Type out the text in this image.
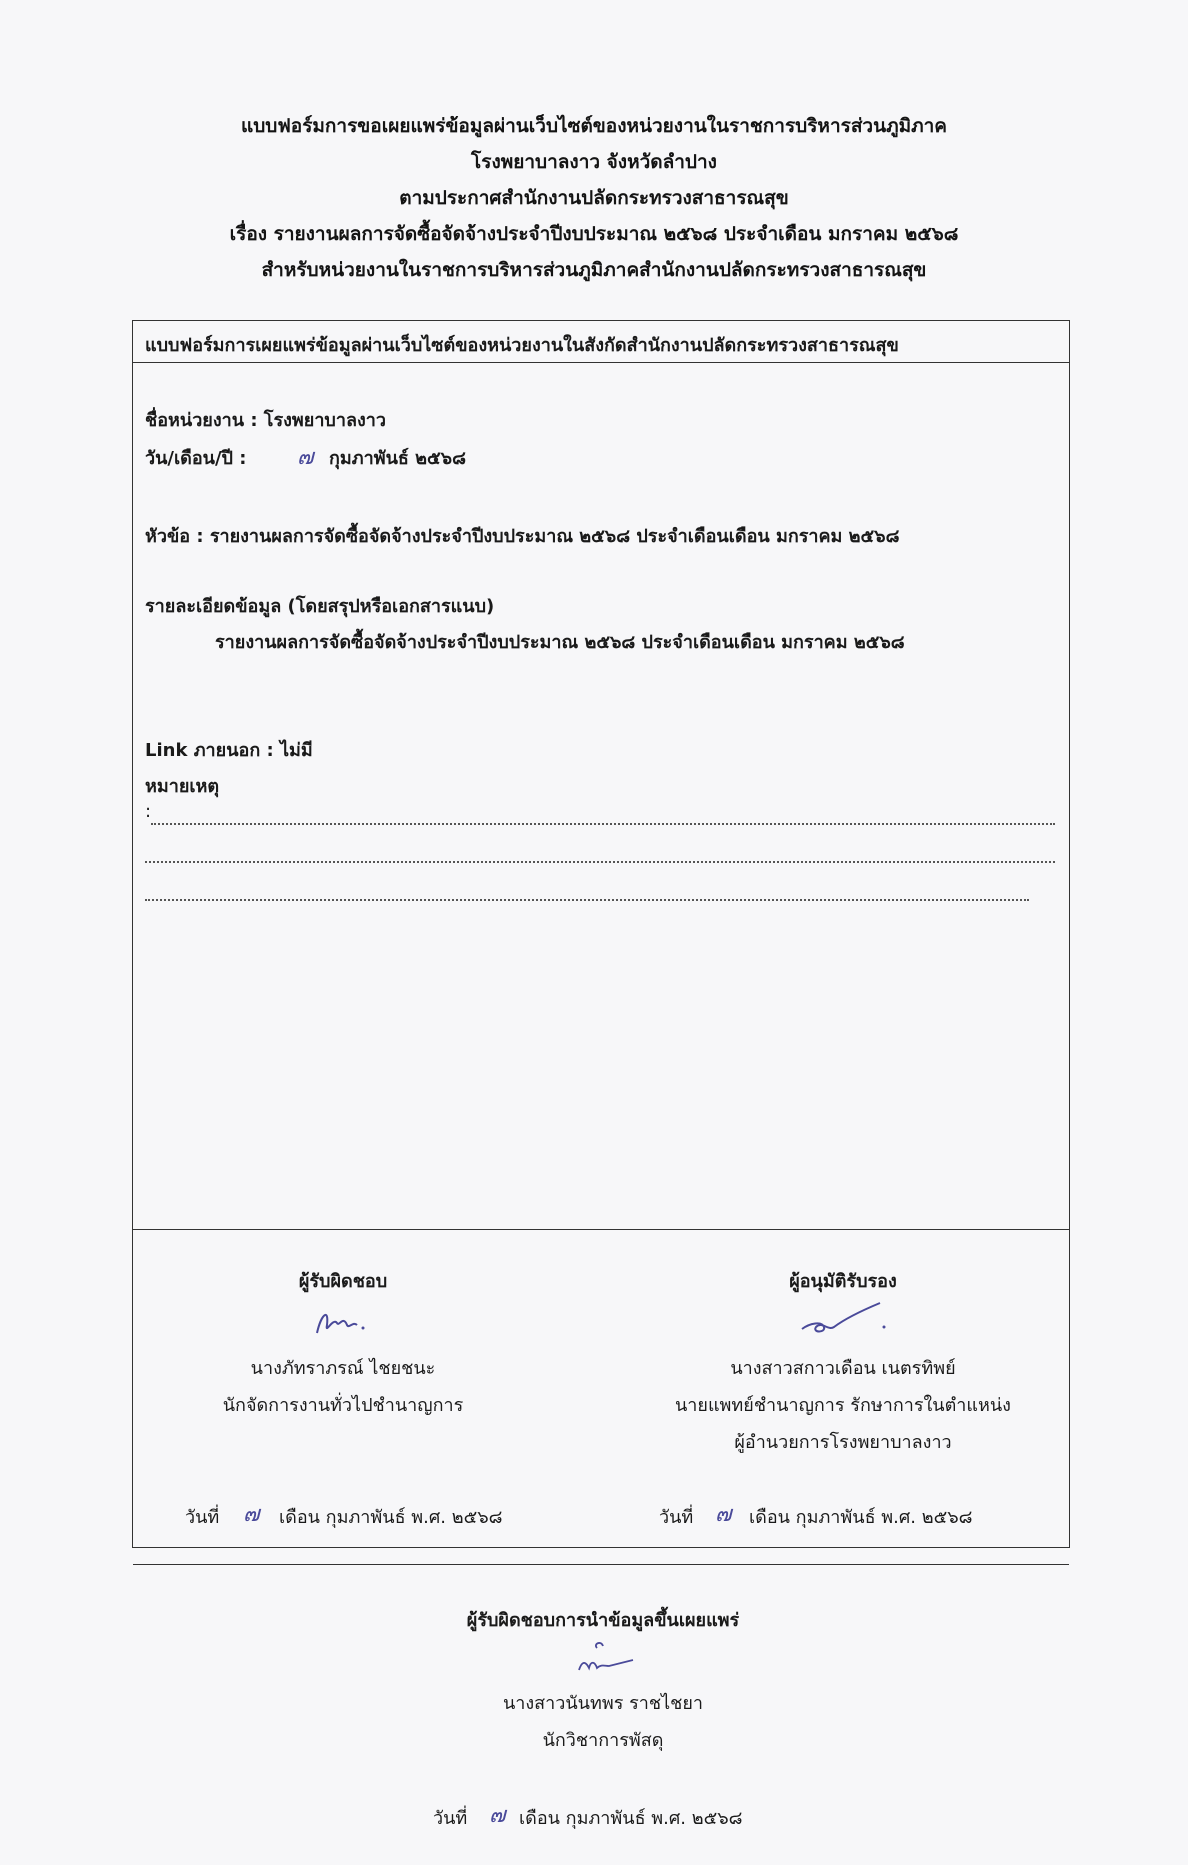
แบบฟอร์มการขอเผยแพร่ข้อมูลผ่านเว็บไซต์ของหน่วยงานในราชการบริหารส่วนภูมิภาค
โรงพยาบาลงาว จังหวัดลำปาง
ตามประกาศสำนักงานปลัดกระทรวงสาธารณสุข
เรื่อง รายงานผลการจัดซื้อจัดจ้างประจำปีงบประมาณ ๒๕๖๘ ประจำเดือน มกราคม ๒๕๖๘
สำหรับหน่วยงานในราชการบริหารส่วนภูมิภาคสำนักงานปลัดกระทรวงสาธารณสุข
แบบฟอร์มการเผยแพร่ข้อมูลผ่านเว็บไซต์ของหน่วยงานในสังกัดสำนักงานปลัดกระทรวงสาธารณสุข
ชื่อหน่วยงาน : โรงพยาบาลงาว
วัน/เดือน/ปี : ๗ กุมภาพันธ์ ๒๕๖๘
หัวข้อ : รายงานผลการจัดซื้อจัดจ้างประจำปีงบประมาณ ๒๕๖๘ ประจำเดือนเดือน มกราคม ๒๕๖๘
รายละเอียดข้อมูล (โดยสรุปหรือเอกสารแนบ)
รายงานผลการจัดซื้อจัดจ้างประจำปีงบประมาณ ๒๕๖๘ ประจำเดือนเดือน มกราคม ๒๕๖๘
Link ภายนอก : ไม่มี
หมายเหตุ
:
ผู้รับผิดชอบ
นางภัทราภรณ์ ไชยชนะ
นักจัดการงานทั่วไปชำนาญการ
วันที่ ๗ เดือน กุมภาพันธ์ พ.ศ. ๒๕๖๘
ผู้อนุมัติรับรอง
นางสาวสกาวเดือน เนตรทิพย์
นายแพทย์ชำนาญการ รักษาการในตำแหน่ง
ผู้อำนวยการโรงพยาบาลงาว
วันที่ ๗ เดือน กุมภาพันธ์ พ.ศ. ๒๕๖๘
ผู้รับผิดชอบการนำข้อมูลขึ้นเผยแพร่
นางสาวนันทพร ราชไชยา
นักวิชาการพัสดุ
วันที่ ๗ เดือน กุมภาพันธ์ พ.ศ. ๒๕๖๘
